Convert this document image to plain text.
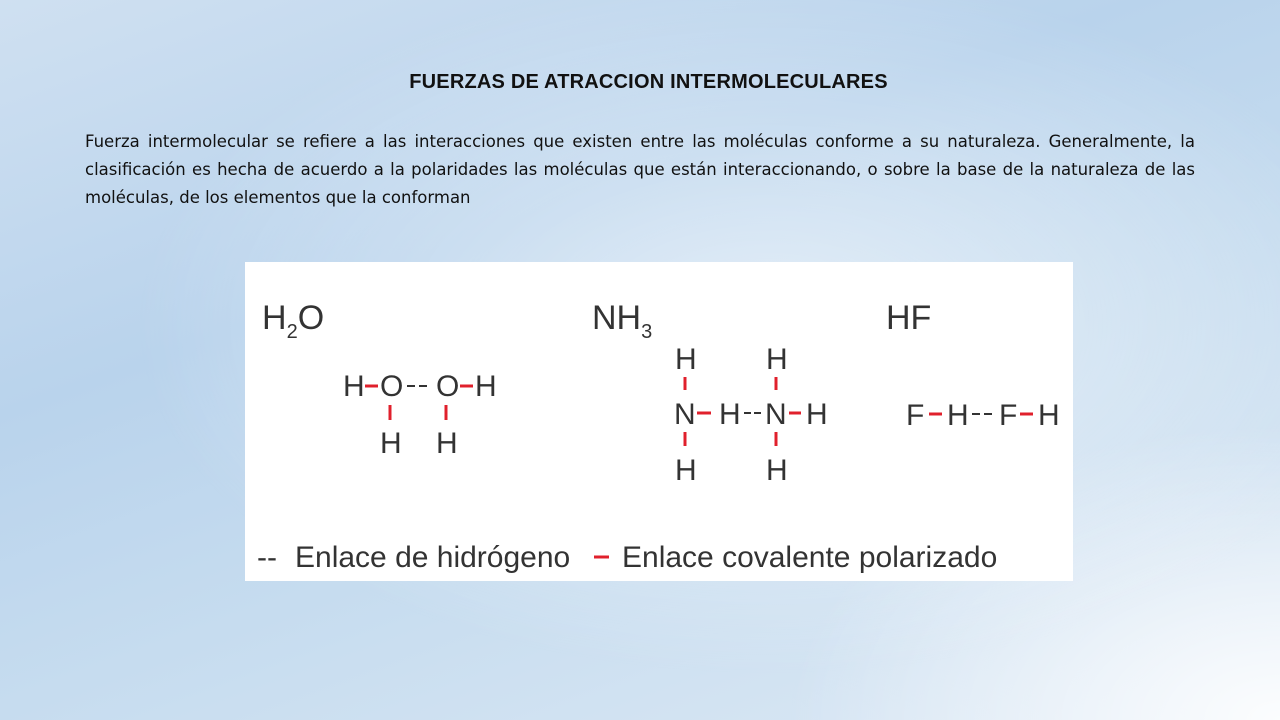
FUERZAS DE ATRACCION INTERMOLECULARES
Fuerza intermolecular se refiere a las interacciones que existen entre las moléculas conforme a su naturaleza. Generalmente, la clasificación es hecha de acuerdo a la polaridades las moléculas que están interaccionando, o sobre la base de la naturaleza de las moléculas, de los elementos que la conforman
$H_2O$	$NH_3$	HF
H O O H
H H
H H
N H N H
H H
F H F H
-- Enlace de hidrógeno Enlace covalente polarizado
